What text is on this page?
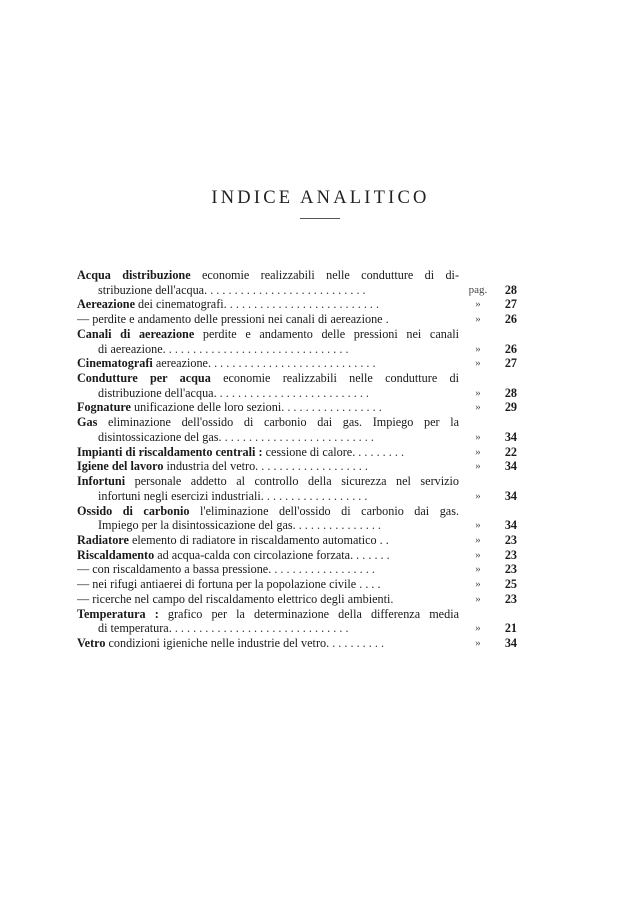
INDICE ANALITICO
Acqua distribuzione economie realizzabili nelle condutture di di-
stribuzione dell'acqua. . . . . . . . . . . . . . . . . . . . . . . . . . .	pag.	28
Aereazione dei cinematografi. . . . . . . . . . . . . . . . . . . . . . . . . .	»	27
— perdite e andamento delle pressioni nei canali di aereazione .	»	26
Canali di aereazione perdite e andamento delle pressioni nei canali
di aereazione. . . . . . . . . . . . . . . . . . . . . . . . . . . . . . .	»	26
Cinematografi aereazione. . . . . . . . . . . . . . . . . . . . . . . . . . . .	»	27
Condutture per acqua economie realizzabili nelle condutture di
distribuzione dell'acqua. . . . . . . . . . . . . . . . . . . . . . . . . .	»	28
Fognature unificazione delle loro sezioni. . . . . . . . . . . . . . . . .	»	29
Gas eliminazione dell'ossido di carbonio dai gas. Impiego per la
disintossicazione del gas. . . . . . . . . . . . . . . . . . . . . . . . . .	»	34
Impianti di riscaldamento centrali : cessione di calore. . . . . . . . .	»	22
Igiene del lavoro industria del vetro. . . . . . . . . . . . . . . . . . .	»	34
Infortuni personale addetto al controllo della sicurezza nel servizio
infortuni negli esercizi industriali. . . . . . . . . . . . . . . . . .	»	34
Ossido di carbonio l'eliminazione dell'ossido di carbonio dai gas.
Impiego per la disintossicazione del gas. . . . . . . . . . . . . . .	»	34
Radiatore elemento di radiatore in riscaldamento automatico . .	»	23
Riscaldamento ad acqua-calda con circolazione forzata. . . . . . .	»	23
— con riscaldamento a bassa pressione. . . . . . . . . . . . . . . . . .	»	23
— nei rifugi antiaerei di fortuna per la popolazione civile . . . .	»	25
— ricerche nel campo del riscaldamento elettrico degli ambienti.	»	23
Temperatura : grafico per la determinazione della differenza media
di temperatura. . . . . . . . . . . . . . . . . . . . . . . . . . . . . .	»	21
Vetro condizioni igieniche nelle industrie del vetro. . . . . . . . . .	»	34
